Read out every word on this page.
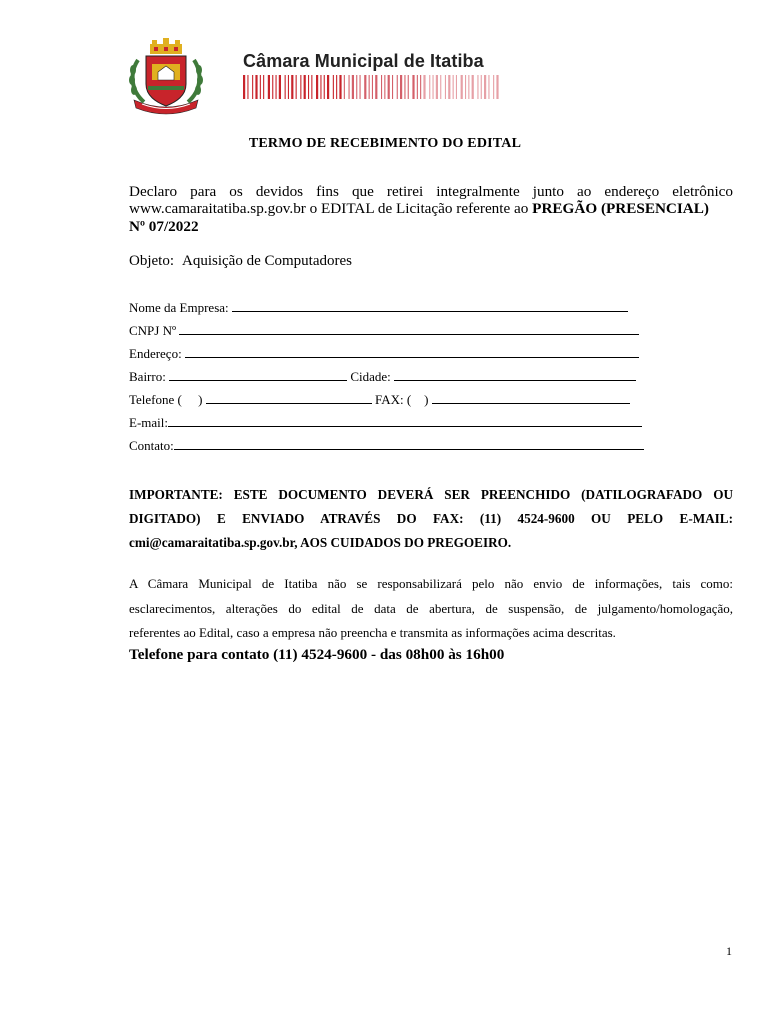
Câmara Municipal de Itatiba
TERMO DE RECEBIMENTO DO EDITAL
Declaro para os devidos fins que retirei integralmente junto ao endereço eletrônico
www.camaraitatiba.sp.gov.br o EDITAL de Licitação referente ao PREGÃO (PRESENCIAL)
Nº 07/2022
Objeto: Aquisição de Computadores
Nome da Empresa:
CNPJ Nº
Endereço:
Bairro:	Cidade:
Telefone (     )	FAX: (    )
E-mail:
Contato:
IMPORTANTE: ESTE DOCUMENTO DEVERÁ SER PREENCHIDO (DATILOGRAFADO OU
DIGITADO) E ENVIADO ATRAVÉS DO FAX: (11) 4524-9600 OU PELO E-MAIL:
cmi@camaraitatiba.sp.gov.br, AOS CUIDADOS DO PREGOEIRO.
A Câmara Municipal de Itatiba não se responsabilizará pelo não envio de informações, tais como:
esclarecimentos, alterações do edital de data de abertura, de suspensão, de julgamento/homologação,
referentes ao Edital, caso a empresa não preencha e transmita as informações acima descritas.
Telefone para contato (11) 4524-9600 - das 08h00 às 16h00
1
